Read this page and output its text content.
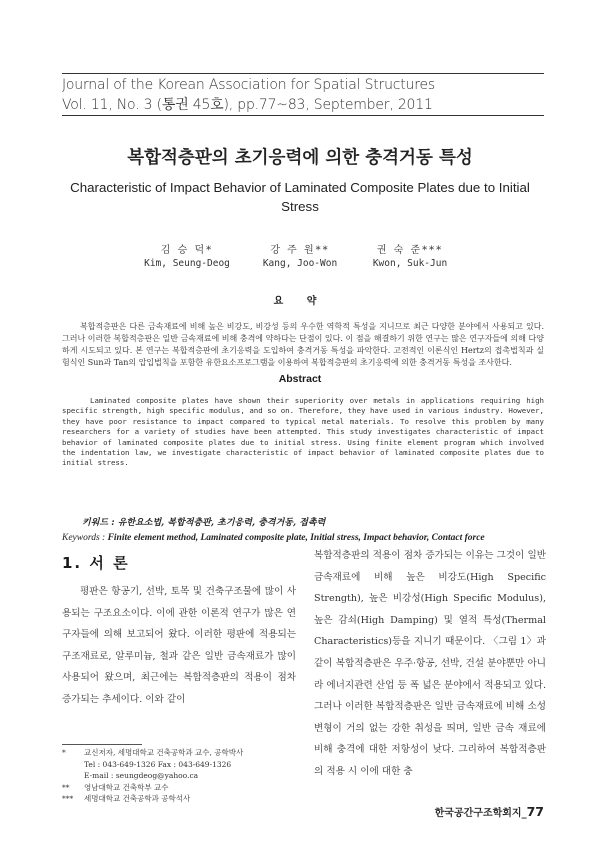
Journal of the Korean Association for Spatial Structures
Vol. 11, No. 3 (통권 45호), pp.77~83, September, 2011
복합적층판의 초기응력에 의한 충격거동 특성
Characteristic of Impact Behavior of Laminated Composite Plates due to Initial Stress
김 승 덕*
Kim, Seung-Deog
강 주 원**
Kang, Joo-Won
권 숙 준***
Kwon, Suk-Jun
요 약
복합적층판은 다른 금속재료에 비해 높은 비강도, 비강성 등의 우수한 역학적 특성을 지니므로 최근 다양한 분야에서 사용되고 있다. 그러나 이러한 복합적층판은 일반 금속재료에 비해 충격에 약하다는 단점이 있다. 이 점을 해결하기 위한 연구는 많은 연구자들에 의해 다양하게 시도되고 있다. 본 연구는 복합적층판에 초기응력을 도입하여 충격거동 특성을 파악한다. 고전적인 이론식인 Hertz의 접촉법칙과 실험식인 Sun과 Tan의 압입법칙을 포함한 유한요소프로그램을 이용하여 복합적층판의 초기응력에 의한 충격거동 특성을 조사한다.
Abstract
Laminated composite plates have shown their superiority over metals in applications requiring high specific strength, high specific modulus, and so on. Therefore, they have used in various industry. However, they have poor resistance to impact compared to typical metal materials. To resolve this problem by many researchers for a variety of studies have been attempted. This study investigates characteristic of impact behavior of laminated composite plates due to initial stress. Using finite element program which involved the indentation law, we investigate characteristic of impact behavior of laminated composite plates due to initial stress.
키워드 : 유한요소법, 복합적층판, 초기응력, 충격거동, 접촉력
Keywords : Finite element method, Laminated composite plate, Initial stress, Impact behavior, Contact force
1. 서 론
평판은 항공기, 선박, 토목 및 건축구조물에 많이 사용되는 구조요소이다. 이에 관한 이론적 연구가 많은 연구자들에 의해 보고되어 왔다. 이러한 평판에 적용되는 구조재료로, 알루미늄, 철과 같은 일반 금속재료가 많이 사용되어 왔으며, 최근에는 복합적층판의 적용이 점차 증가되는 추세이다. 이와 같이
복합적층판의 적용이 점차 증가되는 이유는 그것이 일반 금속재료에 비해 높은 비강도(High Specific Strength), 높은 비강성(High Specific Modulus), 높은 감쇠(High Damping) 및 열적 특성(Thermal Characteristics)등을 지니기 때문이다. 〈그림 1〉과 같이 복합적층판은 우주·항공, 선박, 건설 분야뿐만 아니라 에너지관련 산업 등 폭 넓은 분야에서 적용되고 있다. 그러나 이러한 복합적층판은 일반 금속재료에 비해 소성변형이 거의 없는 강한 취성을 띄며, 일반 금속 재료에 비해 충격에 대한 저항성이 낮다. 그리하여 복합적층판의 적용 시 이에 대한 충
*	교신저자, 세명대학교 건축공학과 교수, 공학박사
Tel : 043-649-1326 Fax : 043-649-1326
E-mail : seungdeog@yahoo.ca
**	영남대학교 건축학부 교수
***	세명대학교 건축공학과 공학석사
한국공간구조학회지_77
